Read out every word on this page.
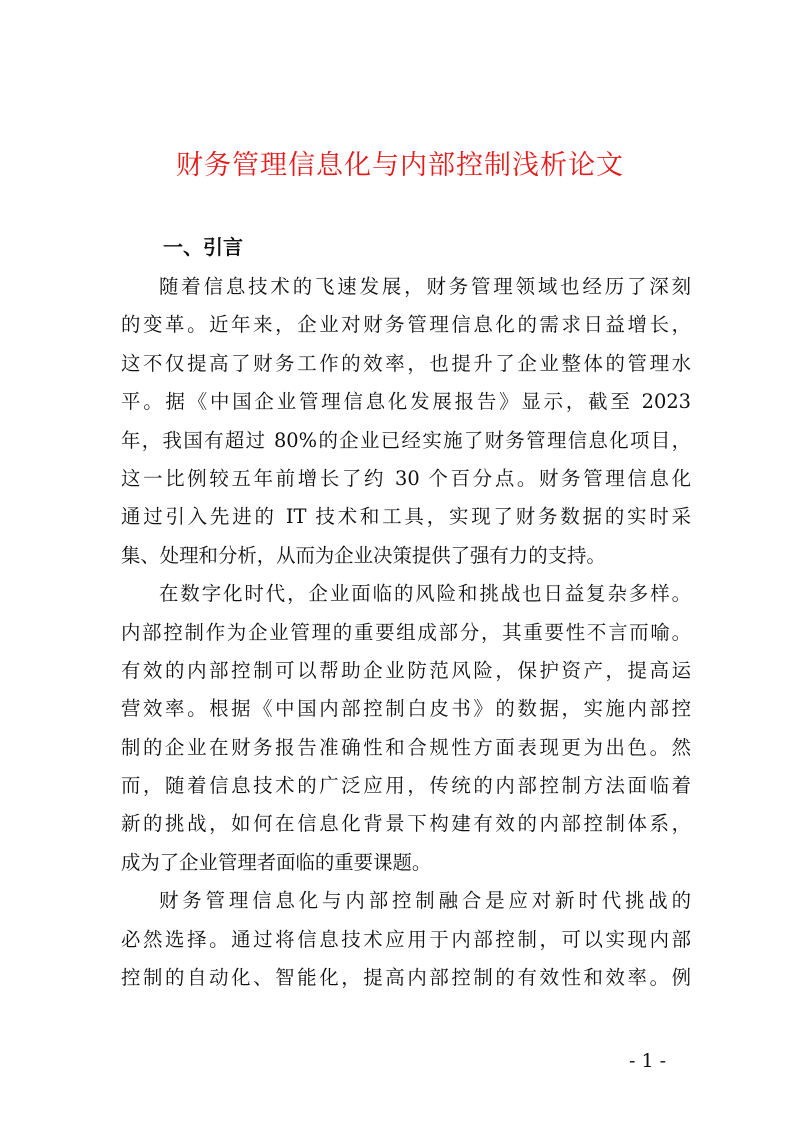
财务管理信息化与内部控制浅析论文
一、引言
随着信息技术的飞速发展，财务管理领域也经历了深刻
的变革。近年来，企业对财务管理信息化的需求日益增长，
这不仅提高了财务工作的效率，也提升了企业整体的管理水
平。据《中国企业管理信息化发展报告》显示，截至 2023
年，我国有超过 80%的企业已经实施了财务管理信息化项目，
这一比例较五年前增长了约 30 个百分点。财务管理信息化
通过引入先进的 IT 技术和工具，实现了财务数据的实时采
集、处理和分析，从而为企业决策提供了强有力的支持。
在数字化时代，企业面临的风险和挑战也日益复杂多样。
内部控制作为企业管理的重要组成部分，其重要性不言而喻。
有效的内部控制可以帮助企业防范风险，保护资产，提高运
营效率。根据《中国内部控制白皮书》的数据，实施内部控
制的企业在财务报告准确性和合规性方面表现更为出色。然
而，随着信息技术的广泛应用，传统的内部控制方法面临着
新的挑战，如何在信息化背景下构建有效的内部控制体系，
成为了企业管理者面临的重要课题。
财务管理信息化与内部控制融合是应对新时代挑战的
必然选择。通过将信息技术应用于内部控制，可以实现内部
控制的自动化、智能化，提高内部控制的有效性和效率。例
- 1 -
